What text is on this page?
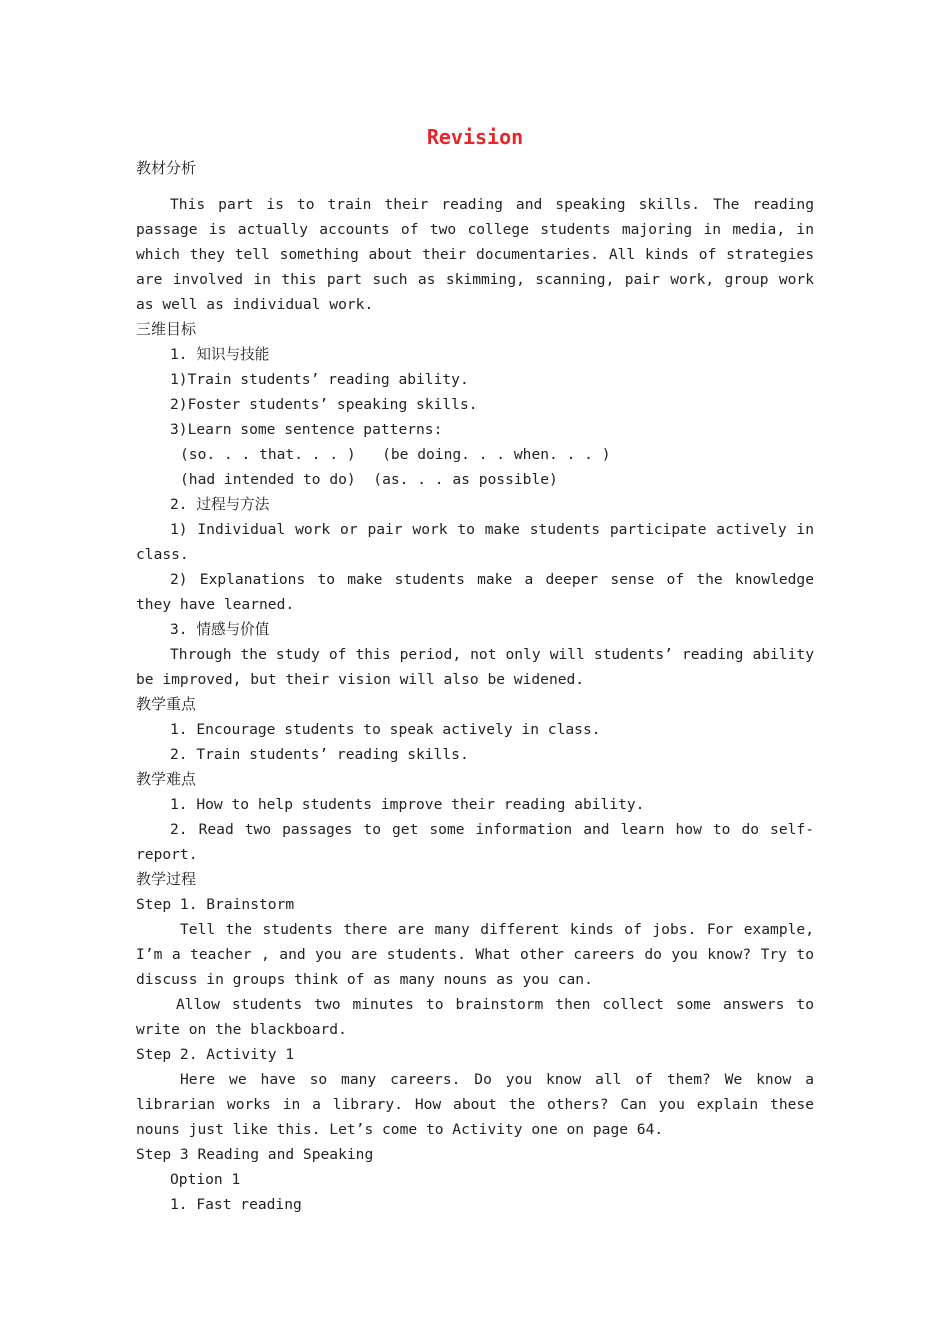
Revision

教材分析

This part is to train their reading and speaking skills. The reading passage is actually accounts of two college students majoring in media, in which they tell something about their documentaries. All kinds of strategies are involved in this part such as skimming, scanning, pair work, group work as well as individual work.

三维目标

1. 知识与技能

1)Train students’ reading ability.

2)Foster students’ speaking skills.

3)Learn some sentence patterns:

(so. . . that. . . )   (be doing. . . when. . . )

(had intended to do)  (as. . . as possible)

2. 过程与方法

1) Individual work or pair work to make students participate actively in class.

2) Explanations to make students make a deeper sense of the knowledge they have learned.

3. 情感与价值

Through the study of this period, not only will students’ reading ability be improved, but their vision will also be widened.

教学重点

1. Encourage students to speak actively in class.

2. Train students’ reading skills.

教学难点

1. How to help students improve their reading ability.

2. Read two passages to get some information and learn how to do self-report.

教学过程

Step 1. Brainstorm

Tell the students there are many different kinds of jobs. For example, I’m a teacher , and you are students. What other careers do you know? Try to discuss in groups think of as many nouns as you can.

Allow students two minutes to brainstorm then collect some answers to write on the blackboard.

Step 2. Activity 1

Here we have so many careers. Do you know all of them? We know a librarian works in a library. How about the others? Can you explain these nouns just like this. Let’s come to Activity one on page 64.

Step 3 Reading and Speaking

Option 1

1. Fast reading
